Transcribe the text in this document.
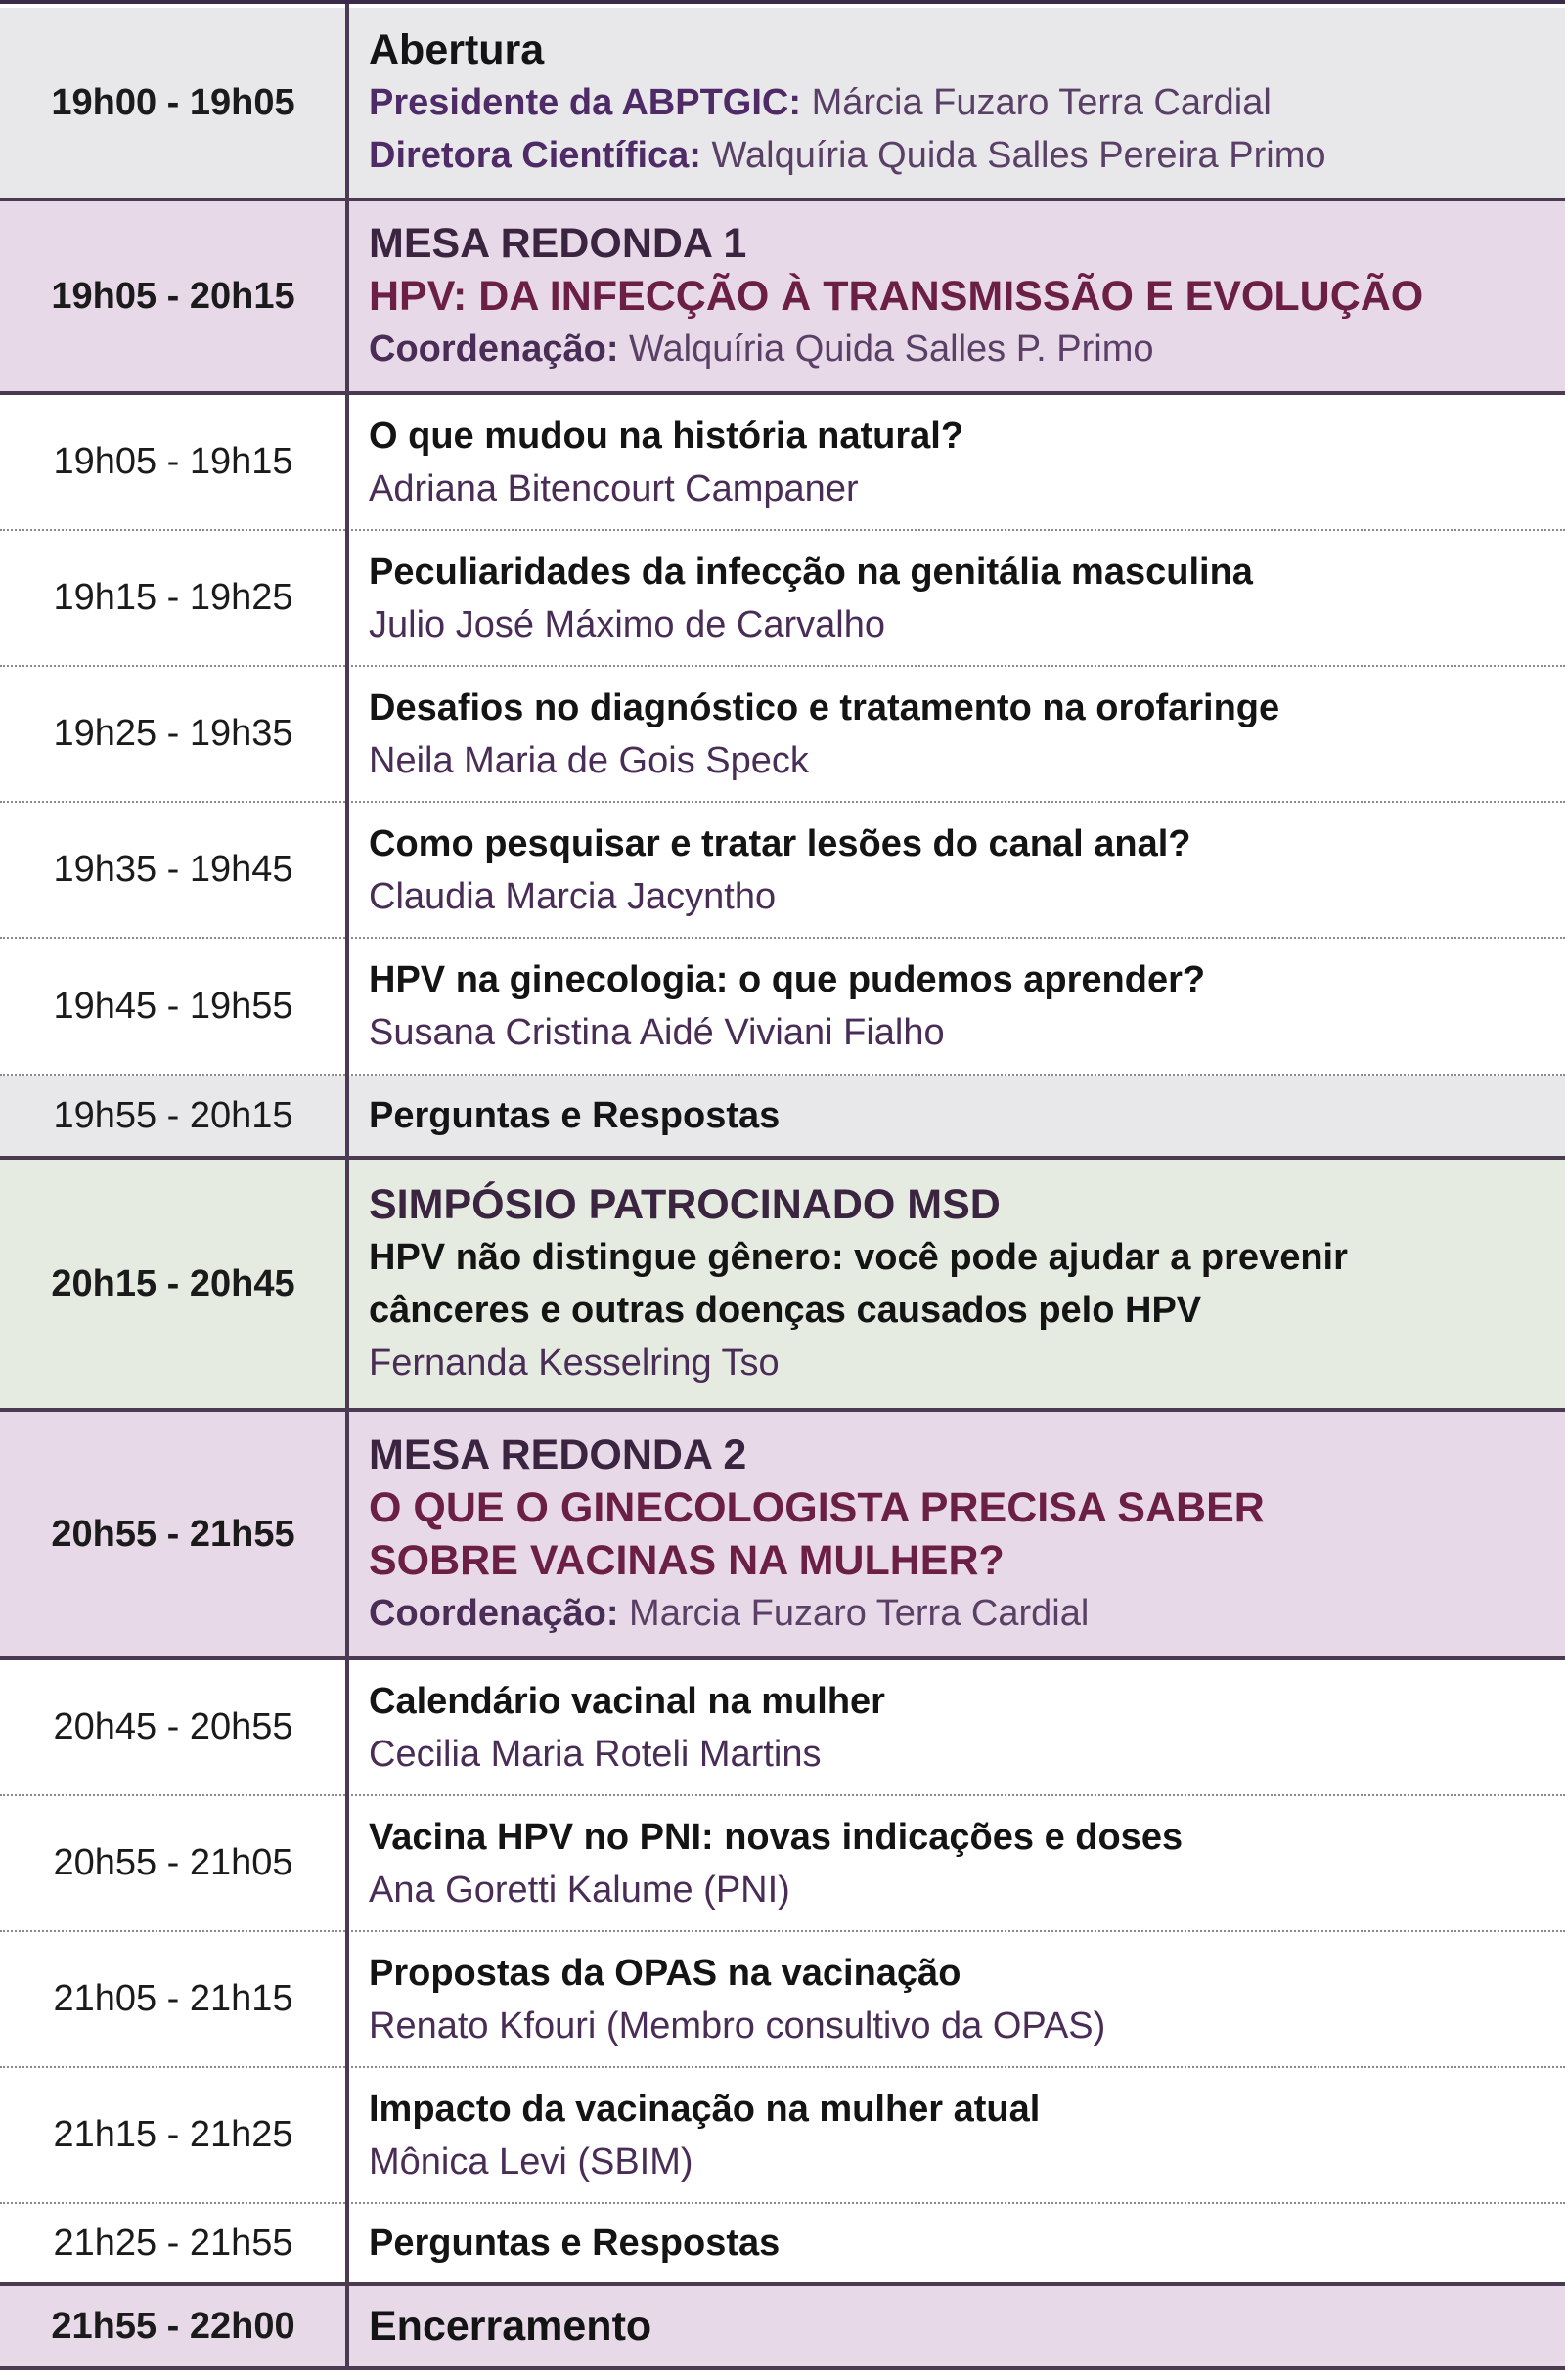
19h00 - 19h05
Abertura
Presidente da ABPTGIC: Márcia Fuzaro Terra Cardial
Diretora Científica: Walquíria Quida Salles Pereira Primo
19h05 - 20h15
MESA REDONDA 1
HPV: DA INFECÇÃO À TRANSMISSÃO E EVOLUÇÃO
Coordenação: Walquíria Quida Salles P. Primo
19h05 - 19h15
O que mudou na história natural?
Adriana Bitencourt Campaner
19h15 - 19h25
Peculiaridades da infecção na genitália masculina
Julio José Máximo de Carvalho
19h25 - 19h35
Desafios no diagnóstico e tratamento na orofaringe
Neila Maria de Gois Speck
19h35 - 19h45
Como pesquisar e tratar lesões do canal anal?
Claudia Marcia Jacyntho
19h45 - 19h55
HPV na ginecologia: o que pudemos aprender?
Susana Cristina Aidé Viviani Fialho
19h55 - 20h15	Perguntas e Respostas
20h15 - 20h45
SIMPÓSIO PATROCINADO MSD
HPV não distingue gênero: você pode ajudar a prevenir
cânceres e outras doenças causados pelo HPV
Fernanda Kesselring Tso
20h55 - 21h55
MESA REDONDA 2
O QUE O GINECOLOGISTA PRECISA SABER
SOBRE VACINAS NA MULHER?
Coordenação: Marcia Fuzaro Terra Cardial
20h45 - 20h55
Calendário vacinal na mulher
Cecilia Maria Roteli Martins
20h55 - 21h05
Vacina HPV no PNI: novas indicações e doses
Ana Goretti Kalume (PNI)
21h05 - 21h15
Propostas da OPAS na vacinação
Renato Kfouri (Membro consultivo da OPAS)
21h15 - 21h25
Impacto da vacinação na mulher atual
Mônica Levi (SBIM)
21h25 - 21h55	Perguntas e Respostas
21h55 - 22h00	Encerramento
